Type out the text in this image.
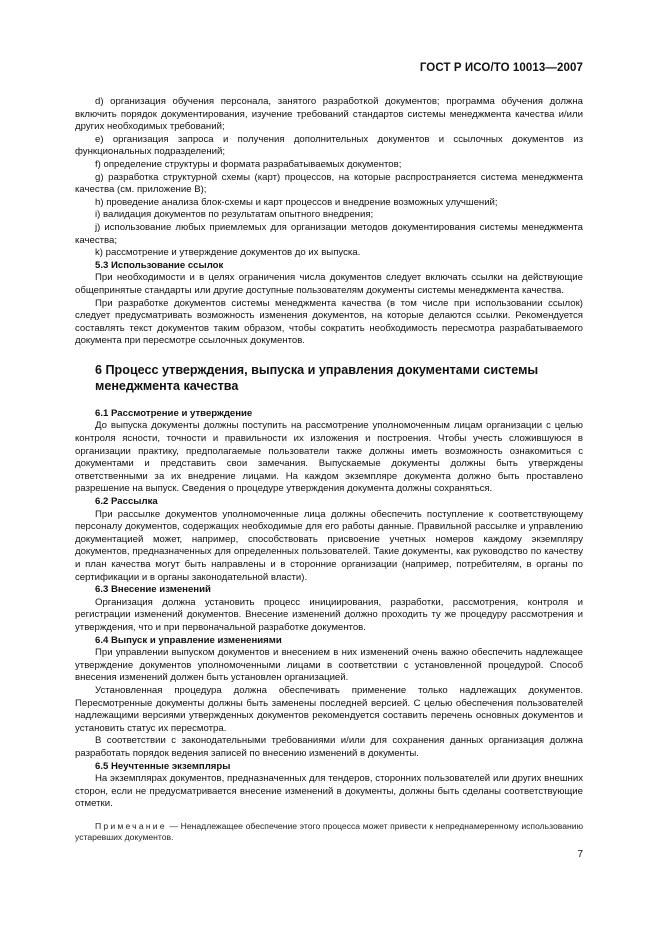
ГОСТ Р ИСО/ТО 10013—2007

d) организация обучения персонала, занятого разработкой документов; программа обучения должна включить порядок документирования, изучение требований стандартов системы менеджмента качества и/или других необходимых требований;

e) организация запроса и получения дополнительных документов и ссылочных документов из функциональных подразделений;

f) определение структуры и формата разрабатываемых документов;

g) разработка структурной схемы (карт) процессов, на которые распространяется система менеджмента качества (см. приложение В);

h) проведение анализа блок-схемы и карт процессов и внедрение возможных улучшений;

i) валидация документов по результатам опытного внедрения;

j) использование любых приемлемых для организации методов документирования системы менеджмента качества;

k) рассмотрение и утверждение документов до их выпуска.

5.3 Использование ссылок

При необходимости и в целях ограничения числа документов следует включать ссылки на действующие общепринятые стандарты или другие доступные пользователям документы системы менеджмента качества.

При разработке документов системы менеджмента качества (в том числе при использовании ссылок) следует предусматривать возможность изменения документов, на которые делаются ссылки. Рекомендуется составлять текст документов таким образом, чтобы сократить необходимость пересмотра разрабатываемого документа при пересмотре ссылочных документов.

6 Процесс утверждения, выпуска и управления документами системы менеджмента качества

6.1 Рассмотрение и утверждение

До выпуска документы должны поступить на рассмотрение уполномоченным лицам организации с целью контроля ясности, точности и правильности их изложения и построения. Чтобы учесть сложившуюся в организации практику, предполагаемые пользователи также должны иметь возможность ознакомиться с документами и представить свои замечания. Выпускаемые документы должны быть утверждены ответственными за их внедрение лицами. На каждом экземпляре документа должно быть проставлено разрешение на выпуск. Сведения о процедуре утверждения документа должны сохраняться.

6.2 Рассылка

При рассылке документов уполномоченные лица должны обеспечить поступление к соответствующему персоналу документов, содержащих необходимые для его работы данные. Правильной рассылке и управлению документацией может, например, способствовать присвоение учетных номеров каждому экземпляру документов, предназначенных для определенных пользователей. Такие документы, как руководство по качеству и план качества могут быть направлены и в сторонние организации (например, потребителям, в органы по сертификации и в органы законодательной власти).

6.3 Внесение изменений

Организация должна установить процесс инициирования, разработки, рассмотрения, контроля и регистрации изменений документов. Внесение изменений должно проходить ту же процедуру рассмотрения и утверждения, что и при первоначальной разработке документов.

6.4 Выпуск и управление изменениями

При управлении выпуском документов и внесением в них изменений очень важно обеспечить надлежащее утверждение документов уполномоченными лицами в соответствии с установленной процедурой. Способ внесения изменений должен быть установлен организацией.

Установленная процедура должна обеспечивать применение только надлежащих документов. Пересмотренные документы должны быть заменены последней версией. С целью обеспечения пользователей надлежащими версиями утвержденных документов рекомендуется составить перечень основных документов и установить статус их пересмотра.

В соответствии с законодательными требованиями и/или для сохранения данных организация должна разработать порядок ведения записей по внесению изменений в документы.

6.5 Неучтенные экземпляры

На экземплярах документов, предназначенных для тендеров, сторонних пользователей или других внешних сторон, если не предусматривается внесение изменений в документы, должны быть сделаны соответствующие отметки.

Примечание — Ненадлежащее обеспечение этого процесса может привести к непреднамеренному использованию устаревших документов.

7
